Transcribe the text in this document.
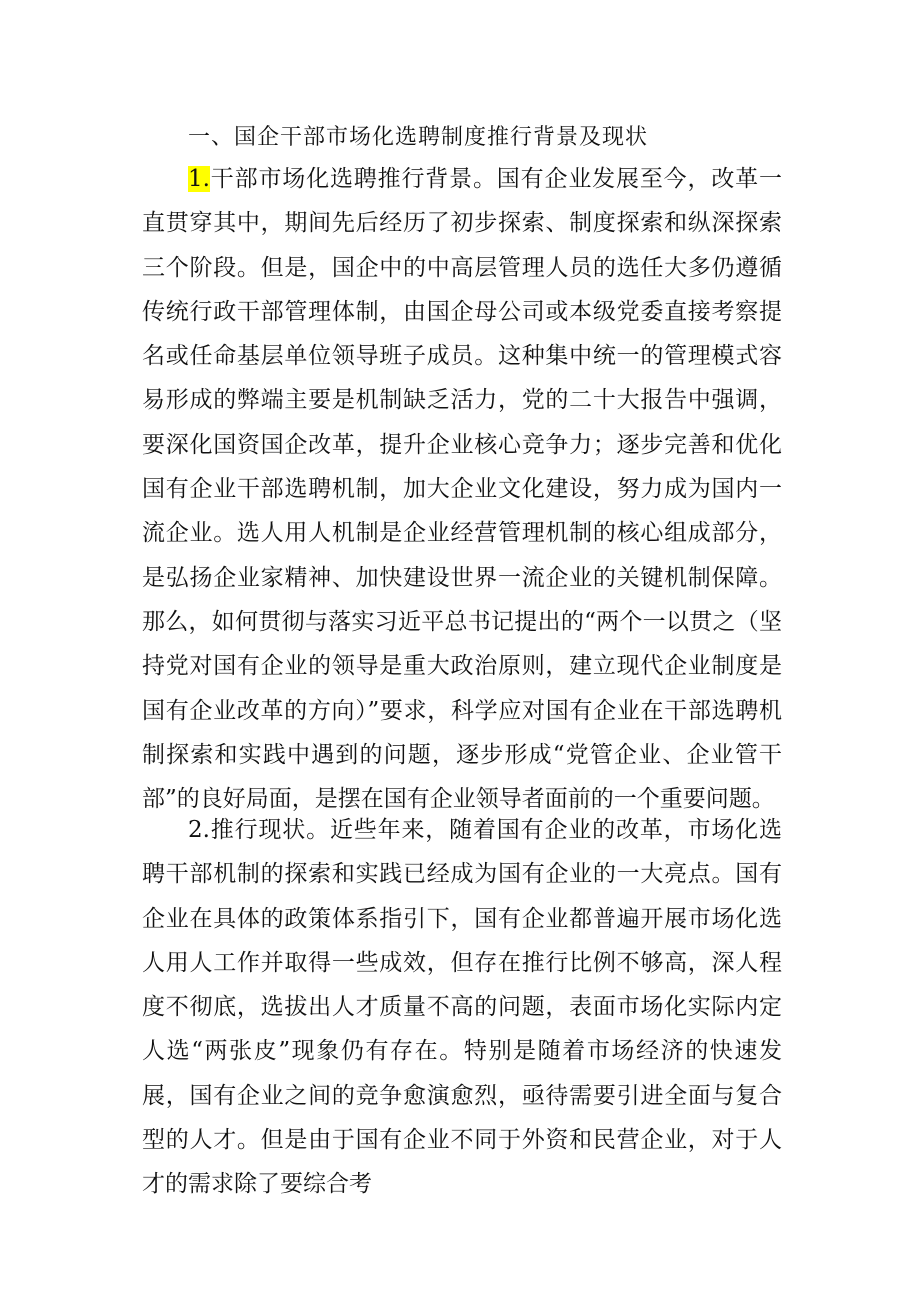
一、国企干部市场化选聘制度推行背景及现状

1.干部市场化选聘推行背景。国有企业发展至今，改革一直贯穿其中，期间先后经历了初步探索、制度探索和纵深探索三个阶段。但是，国企中的中高层管理人员的选任大多仍遵循传统行政干部管理体制，由国企母公司或本级党委直接考察提名或任命基层单位领导班子成员。这种集中统一的管理模式容易形成的弊端主要是机制缺乏活力，党的二十大报告中强调，要深化国资国企改革，提升企业核心竞争力；逐步完善和优化国有企业干部选聘机制，加大企业文化建设，努力成为国内一流企业。选人用人机制是企业经营管理机制的核心组成部分，是弘扬企业家精神、加快建设世界一流企业的关键机制保障。那么，如何贯彻与落实习近平总书记提出的“两个一以贯之（坚持党对国有企业的领导是重大政治原则，建立现代企业制度是国有企业改革的方向）”要求，科学应对国有企业在干部选聘机制探索和实践中遇到的问题，逐步形成“党管企业、企业管干部”的良好局面，是摆在国有企业领导者面前的一个重要问题。

2.推行现状。近些年来，随着国有企业的改革，市场化选聘干部机制的探索和实践已经成为国有企业的一大亮点。国有企业在具体的政策体系指引下，国有企业都普遍开展市场化选人用人工作并取得一些成效，但存在推行比例不够高，深人程度不彻底，选拔出人才质量不高的问题，表面市场化实际内定人选“两张皮”现象仍有存在。特别是随着市场经济的快速发展，国有企业之间的竞争愈演愈烈，亟待需要引进全面与复合型的人才。但是由于国有企业不同于外资和民营企业，对于人才的需求除了要综合考
